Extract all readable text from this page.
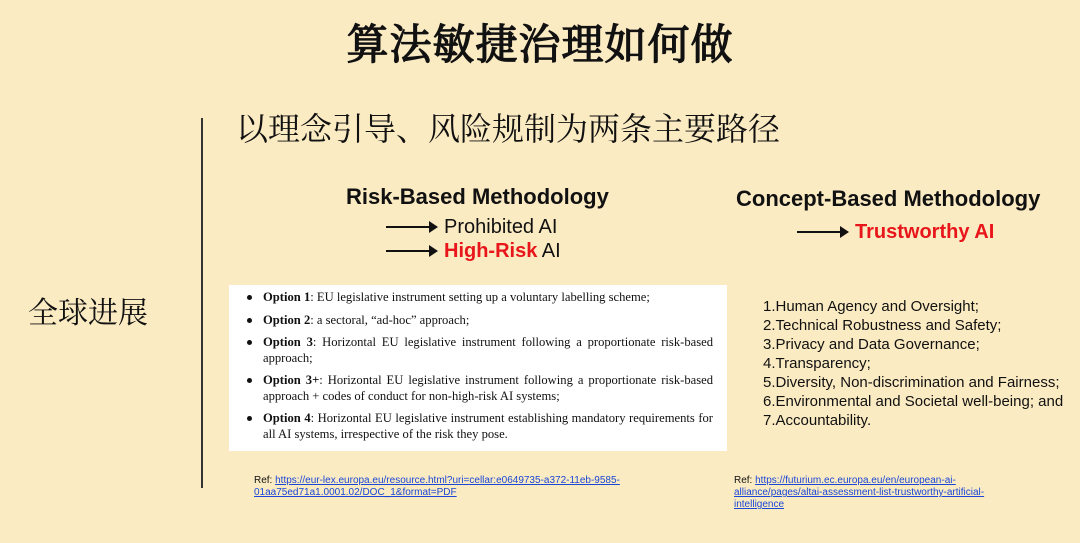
算法敏捷治理如何做
以理念引导、风险规制为两条主要路径
全球进展
Risk-Based Methodology
Prohibited AI
High-Risk AI
Option 1: EU legislative instrument setting up a voluntary labelling scheme;
Option 2: a sectoral, “ad-hoc” approach;
Option 3: Horizontal EU legislative instrument following a proportionate risk-based approach;
Option 3+: Horizontal EU legislative instrument following a proportionate risk-based approach + codes of conduct for non-high-risk AI systems;
Option 4: Horizontal EU legislative instrument establishing mandatory requirements for all AI systems, irrespective of the risk they pose.
Ref: https://eur-lex.europa.eu/resource.html?uri=cellar:e0649735-a372-11eb-9585-01aa75ed71a1.0001.02/DOC_1&format=PDF
Concept-Based Methodology
Trustworthy AI
1.Human Agency and Oversight;
2.Technical Robustness and Safety;
3.Privacy and Data Governance;
4.Transparency;
5.Diversity, Non-discrimination and Fairness;
6.Environmental and Societal well-being; and
7.Accountability.
Ref: https://futurium.ec.europa.eu/en/european-ai-alliance/pages/altai-assessment-list-trustworthy-artificial-intelligence
